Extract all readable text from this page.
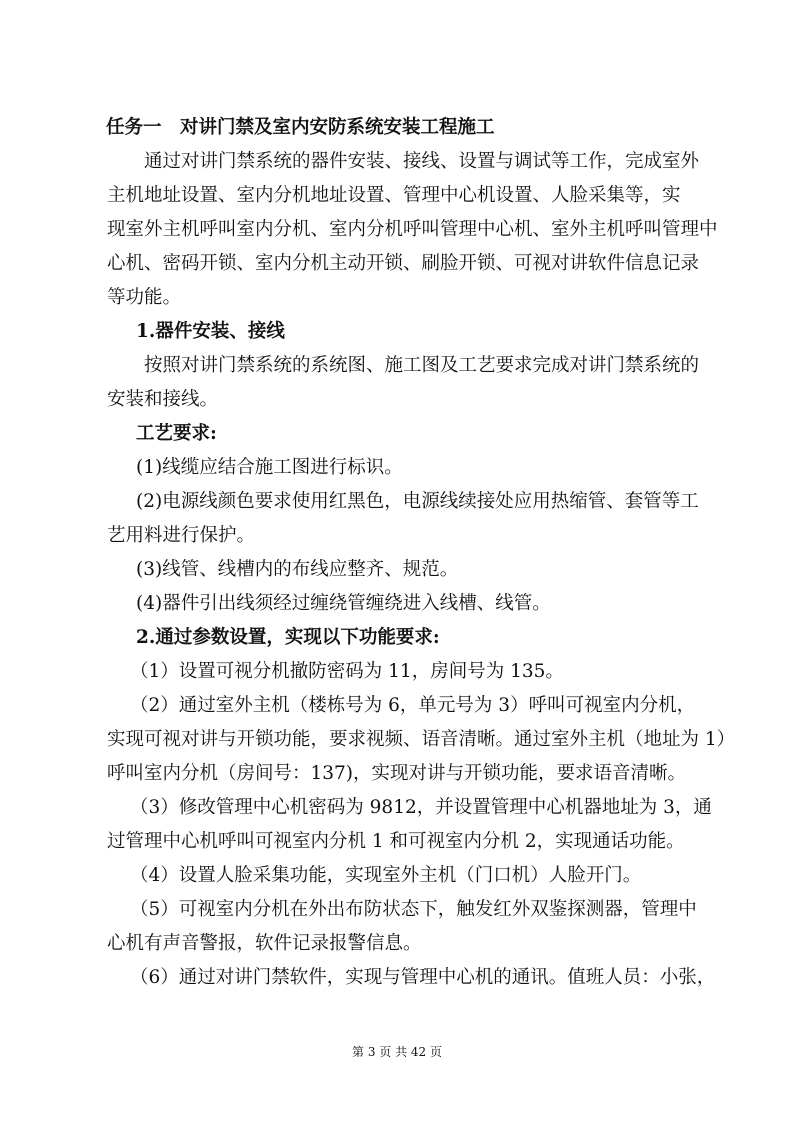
任务一　对讲门禁及室内安防系统安装工程施工
通过对讲门禁系统的器件安装、接线、设置与调试等工作，完成室外
主机地址设置、室内分机地址设置、管理中心机设置、人脸采集等，实
现室外主机呼叫室内分机、室内分机呼叫管理中心机、室外主机呼叫管理中
心机、密码开锁、室内分机主动开锁、刷脸开锁、可视对讲软件信息记录
等功能。
1.器件安装、接线
按照对讲门禁系统的系统图、施工图及工艺要求完成对讲门禁系统的
安装和接线。
工艺要求:
(1)线缆应结合施工图进行标识。
(2)电源线颜色要求使用红黑色，电源线续接处应用热缩管、套管等工
艺用料进行保护。
(3)线管、线槽内的布线应整齐、规范。
(4)器件引出线须经过缠绕管缠绕进入线槽、线管。
2.通过参数设置，实现以下功能要求:
（1）设置可视分机撤防密码为 11，房间号为 135。
（2）通过室外主机（楼栋号为 6，单元号为 3）呼叫可视室内分机，
实现可视对讲与开锁功能，要求视频、语音清晰。通过室外主机（地址为 1）
呼叫室内分机（房间号：137)，实现对讲与开锁功能，要求语音清晰。
（3）修改管理中心机密码为 9812，并设置管理中心机器地址为 3，通
过管理中心机呼叫可视室内分机 1 和可视室内分机 2，实现通话功能。
（4）设置人脸采集功能，实现室外主机（门口机）人脸开门。
（5）可视室内分机在外出布防状态下，触发红外双鉴探测器，管理中
心机有声音警报，软件记录报警信息。
（6）通过对讲门禁软件，实现与管理中心机的通讯。值班人员：小张，
第 3 页 共 42 页
